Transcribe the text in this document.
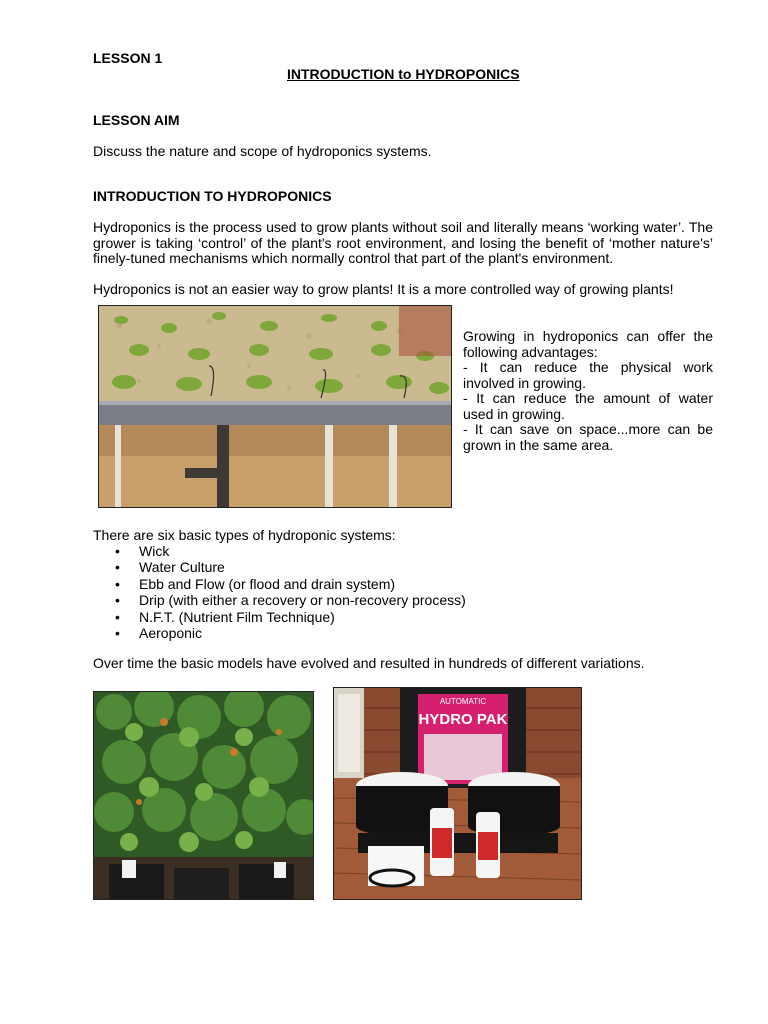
LESSON 1
INTRODUCTION to HYDROPONICS
LESSON AIM
Discuss the nature and scope of hydroponics systems.
INTRODUCTION TO HYDROPONICS
Hydroponics is the process used to grow plants without soil and literally means ‘working water’. The grower is taking ‘control’ of the plant's root environment, and losing the benefit of ‘mother nature's’ finely-tuned mechanisms which normally control that part of the plant's environment.
Hydroponics is not an easier way to grow plants! It is a more controlled way of growing plants!
Growing in hydroponics can offer the following advantages:
- It can reduce the physical work involved in growing.
- It can reduce the amount of water used in growing.
- It can save on space...more can be grown in the same area.
There are six basic types of hydroponic systems:
• Wick
• Water Culture
• Ebb and Flow (or flood and drain system)
• Drip (with either a recovery or non-recovery process)
• N.F.T. (Nutrient Film Technique)
• Aeroponic
Over time the basic models have evolved and resulted in hundreds of different variations.
AUTOMATIC
HYDRO PAK
